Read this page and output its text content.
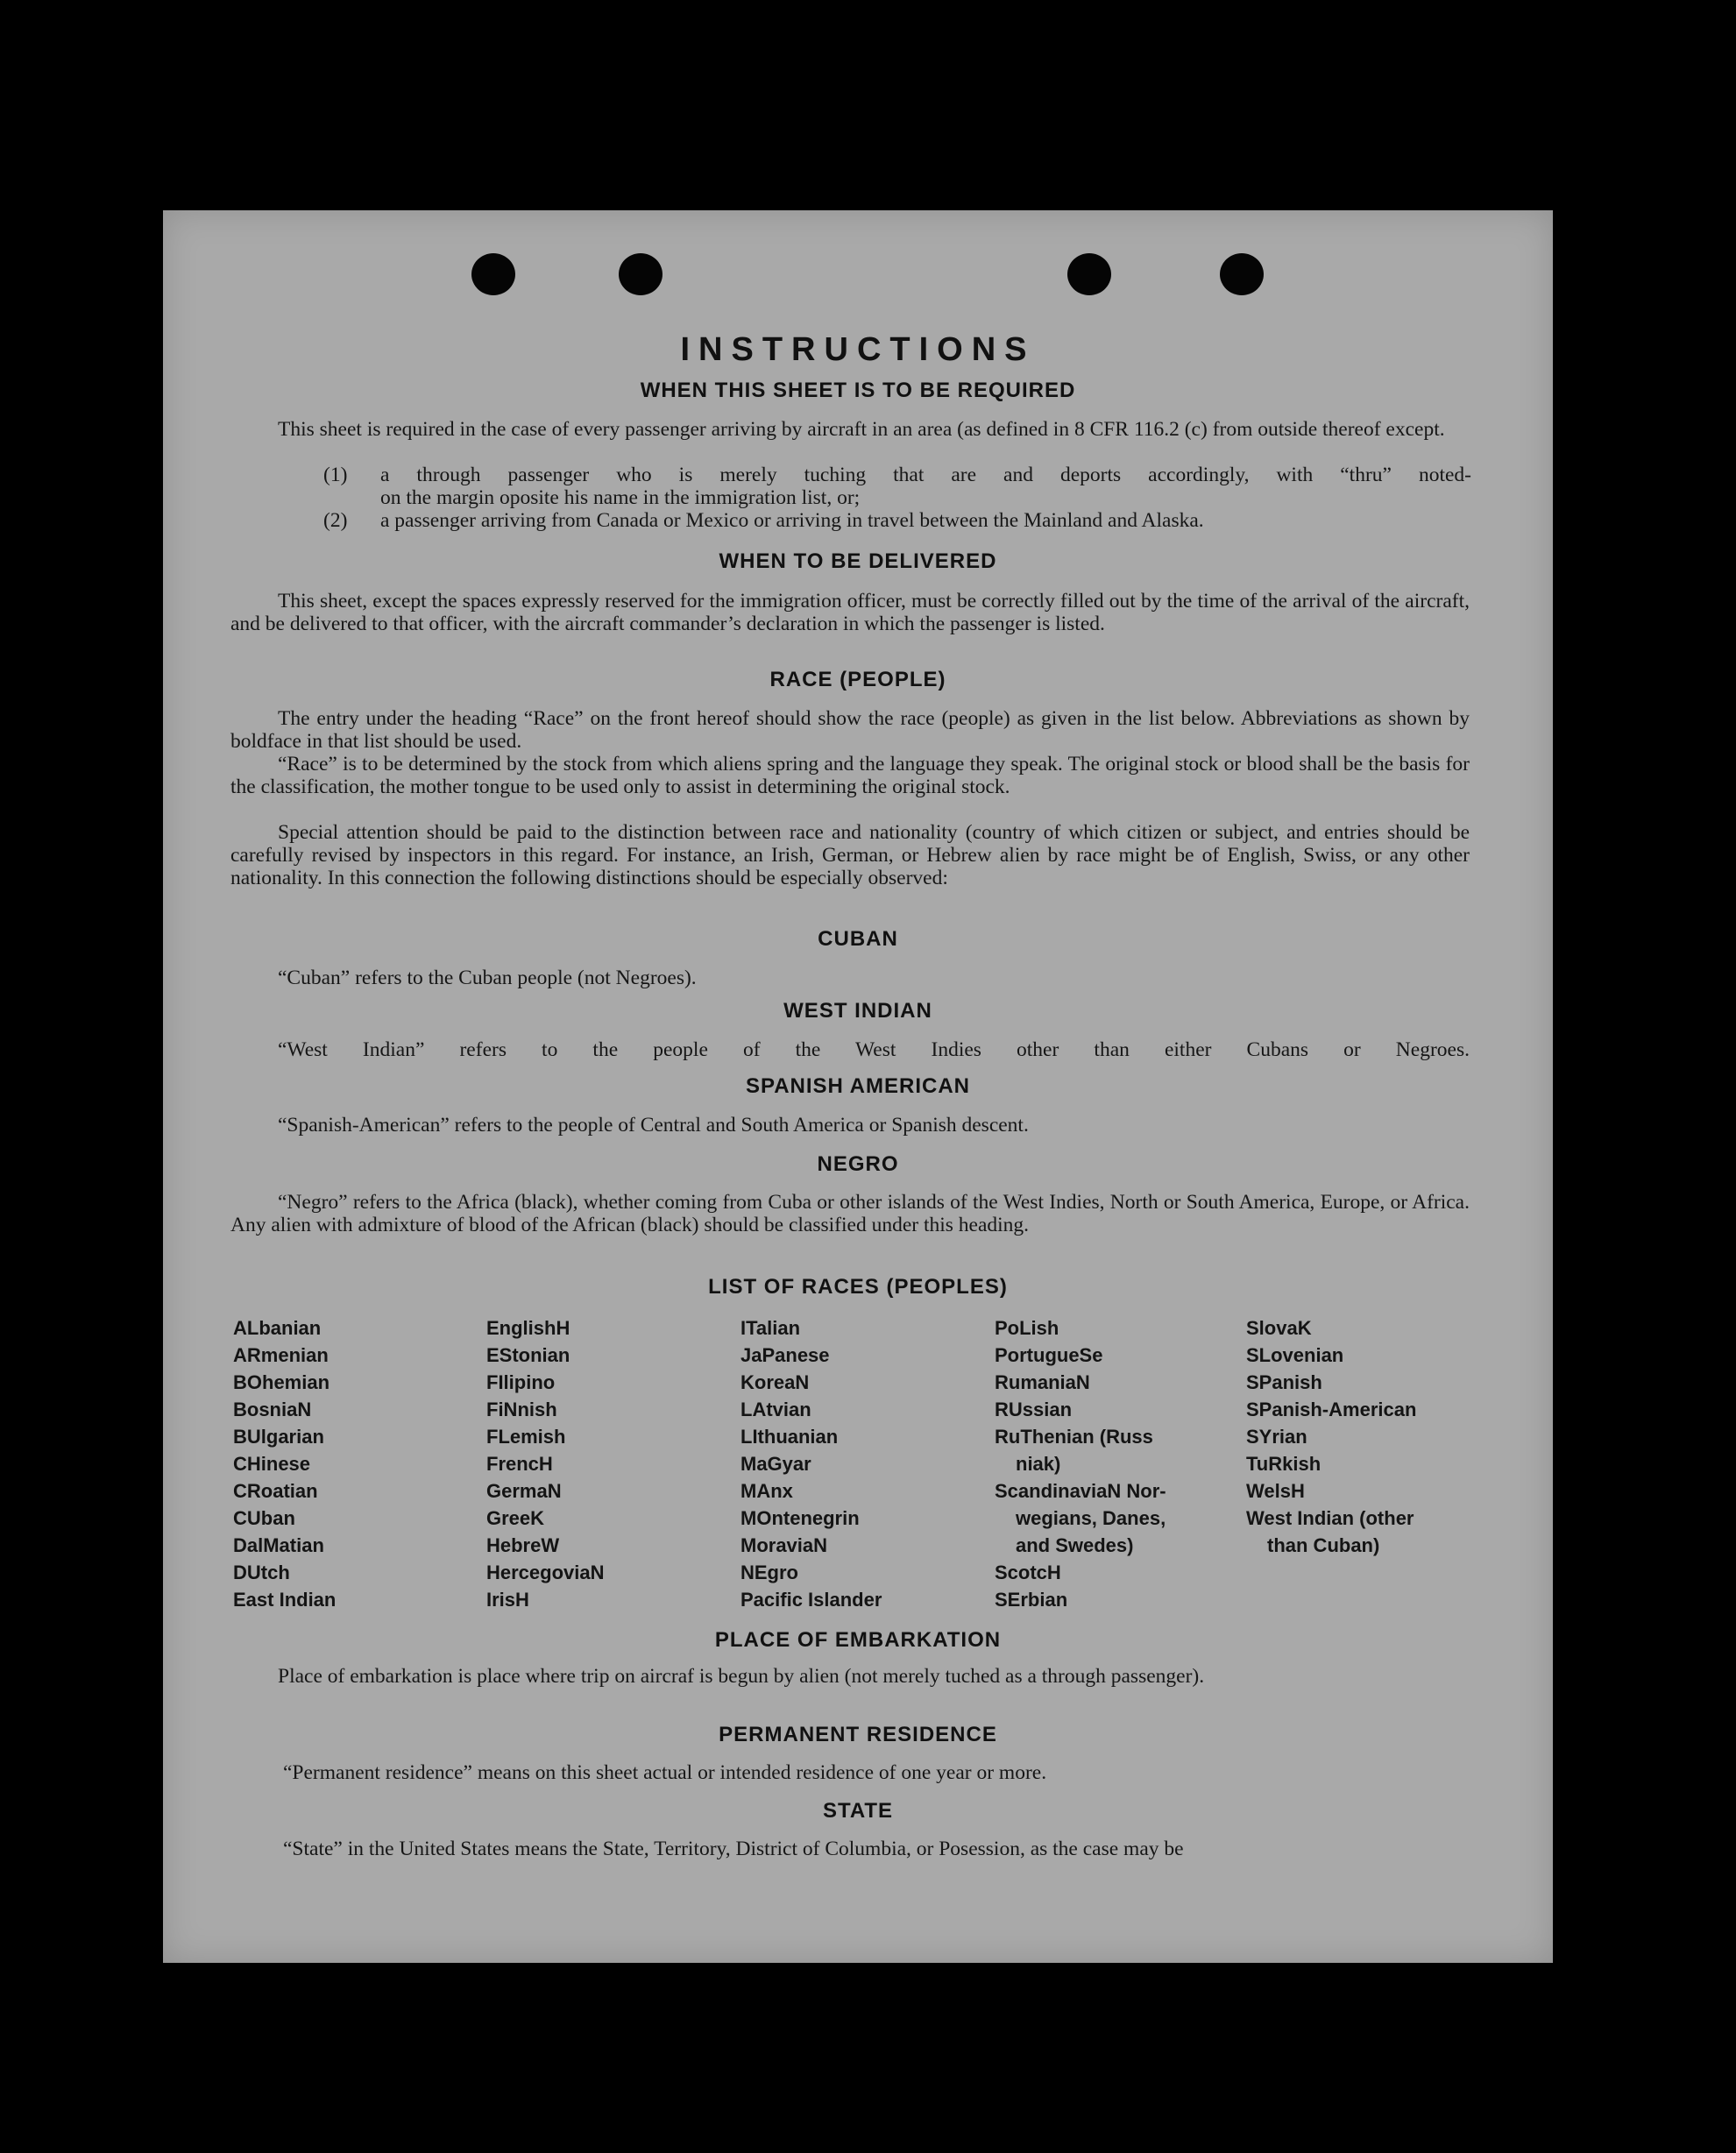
INSTRUCTIONS
WHEN THIS SHEET IS TO BE REQUIRED
This sheet is required in the case of every passenger arriving by aircraft in an area (as defined in 8 CFR 116.2 (c) from outside thereof except.
(1) a through passenger who is merely tuching that are and deports accordingly, with “thru” noted-
on the margin oposite his name in the immigration list, or;
(2) a passenger arriving from Canada or Mexico or arriving in travel between the Mainland and Alaska.
WHEN TO BE DELIVERED
This sheet, except the spaces expressly reserved for the immigration officer, must be correctly filled out by the time of the arrival of the aircraft, and be delivered to that officer, with the aircraft commander’s declaration in which the passenger is listed.
RACE (PEOPLE)
The entry under the heading “Race” on the front hereof should show the race (people) as given in the list below. Abbreviations as shown by boldface in that list should be used.
“Race” is to be determined by the stock from which aliens spring and the language they speak. The original stock or blood shall be the basis for the classification, the mother tongue to be used only to assist in determining the original stock.
Special attention should be paid to the distinction between race and nationality (country of which citizen or subject, and entries should be carefully revised by inspectors in this regard. For instance, an Irish, German, or Hebrew alien by race might be of English, Swiss, or any other nationality. In this connection the following distinctions should be especially observed:
CUBAN
“Cuban” refers to the Cuban people (not Negroes).
WEST INDIAN
“West Indian” refers to the people of the West Indies other than either Cubans or Negroes.
SPANISH AMERICAN
“Spanish-American” refers to the people of Central and South America or Spanish descent.
NEGRO
“Negro” refers to the Africa (black), whether coming from Cuba or other islands of the West Indies, North or South America, Europe, or Africa. Any alien with admixture of blood of the African (black) should be classified under this heading.
LIST OF RACES (PEOPLES)
ALbanian
ARmenian
BOhemian
BosniaN
BUlgarian
CHinese
CRoatian
CUban
DalMatian
DUtch
East Indian
EnglishH
EStonian
FIlipino
FiNnish
FLemish
FrencH
GermaN
GreeK
HebreW
HercegoviaN
IrisH
ITalian
JaPanese
KoreaN
LAtvian
LIthuanian
MaGyar
MAnx
MOntenegrin
MoraviaN
NEgro
Pacific Islander
PoLish
PortugueSe
RumaniaN
RUssian
RuThenian (Russ
niak)
ScandinaviaN Nor-
wegians, Danes,
and Swedes)
ScotcH
SErbian
SlovaK
SLovenian
SPanish
SPanish-American
SYrian
TuRkish
WelsH
West Indian (other
than Cuban)
PLACE OF EMBARKATION
Place of embarkation is place where trip on aircraf is begun by alien (not merely tuched as a through passenger).
PERMANENT RESIDENCE
“Permanent residence” means on this sheet actual or intended residence of one year or more.
STATE
“State” in the United States means the State, Territory, District of Columbia, or Posession, as the case may be
